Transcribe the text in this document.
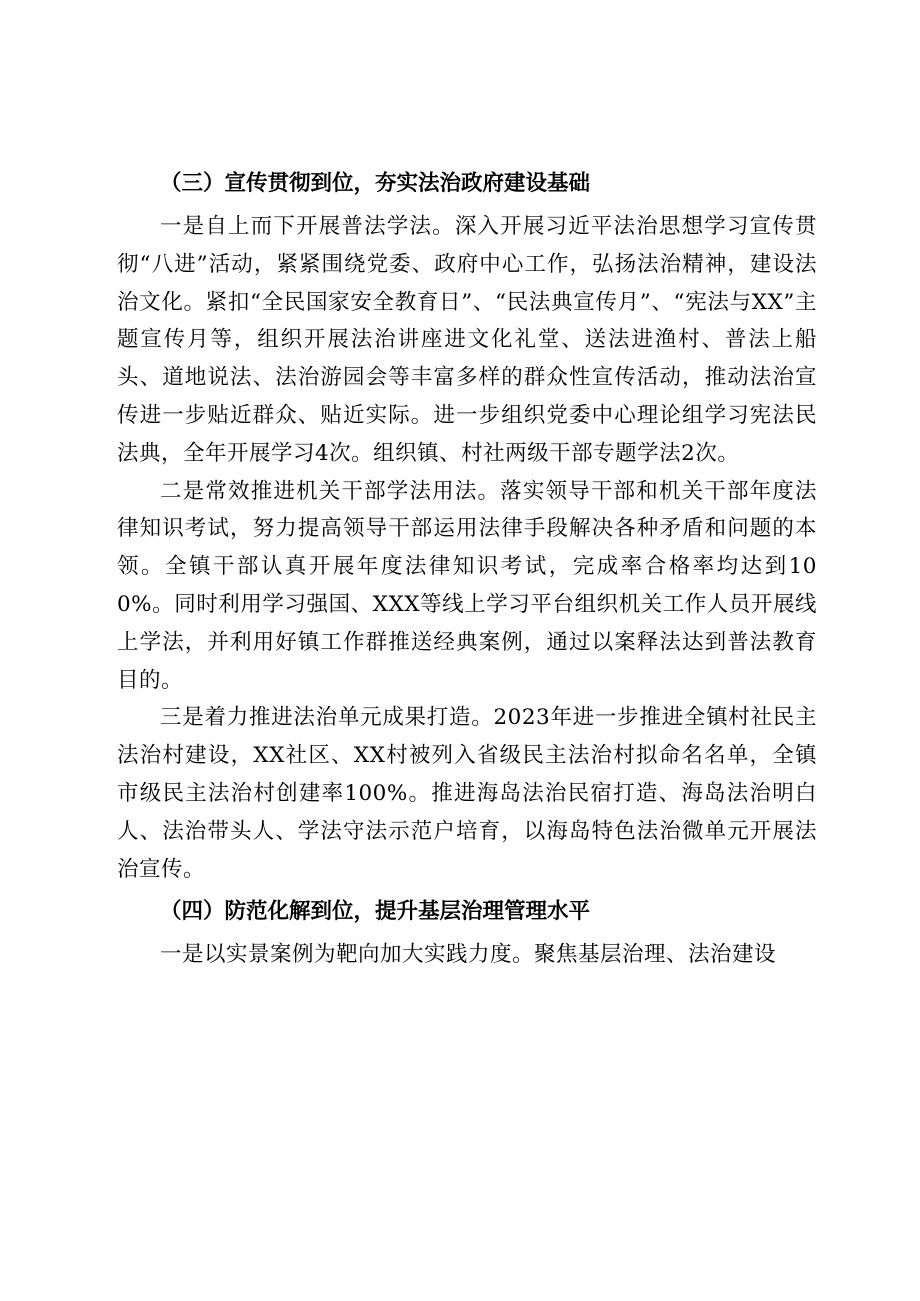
（三）宣传贯彻到位，夯实法治政府建设基础

一是自上而下开展普法学法。深入开展习近平法治思想学习宣传贯彻“八进”活动，紧紧围绕党委、政府中心工作，弘扬法治精神，建设法治文化。紧扣“全民国家安全教育日”、“民法典宣传月”、“宪法与XX”主题宣传月等，组织开展法治讲座进文化礼堂、送法进渔村、普法上船头、道地说法、法治游园会等丰富多样的群众性宣传活动，推动法治宣传进一步贴近群众、贴近实际。进一步组织党委中心理论组学习宪法民法典，全年开展学习4次。组织镇、村社两级干部专题学法2次。

二是常效推进机关干部学法用法。落实领导干部和机关干部年度法律知识考试，努力提高领导干部运用法律手段解决各种矛盾和问题的本领。全镇干部认真开展年度法律知识考试，完成率合格率均达到100%。同时利用学习强国、XXX等线上学习平台组织机关工作人员开展线上学法，并利用好镇工作群推送经典案例，通过以案释法达到普法教育目的。

三是着力推进法治单元成果打造。2023年进一步推进全镇村社民主法治村建设，XX社区、XX村被列入省级民主法治村拟命名名单，全镇市级民主法治村创建率100%。推进海岛法治民宿打造、海岛法治明白人、法治带头人、学法守法示范户培育，以海岛特色法治微单元开展法治宣传。

（四）防范化解到位，提升基层治理管理水平

一是以实景案例为靶向加大实践力度。聚焦基层治理、法治建设
